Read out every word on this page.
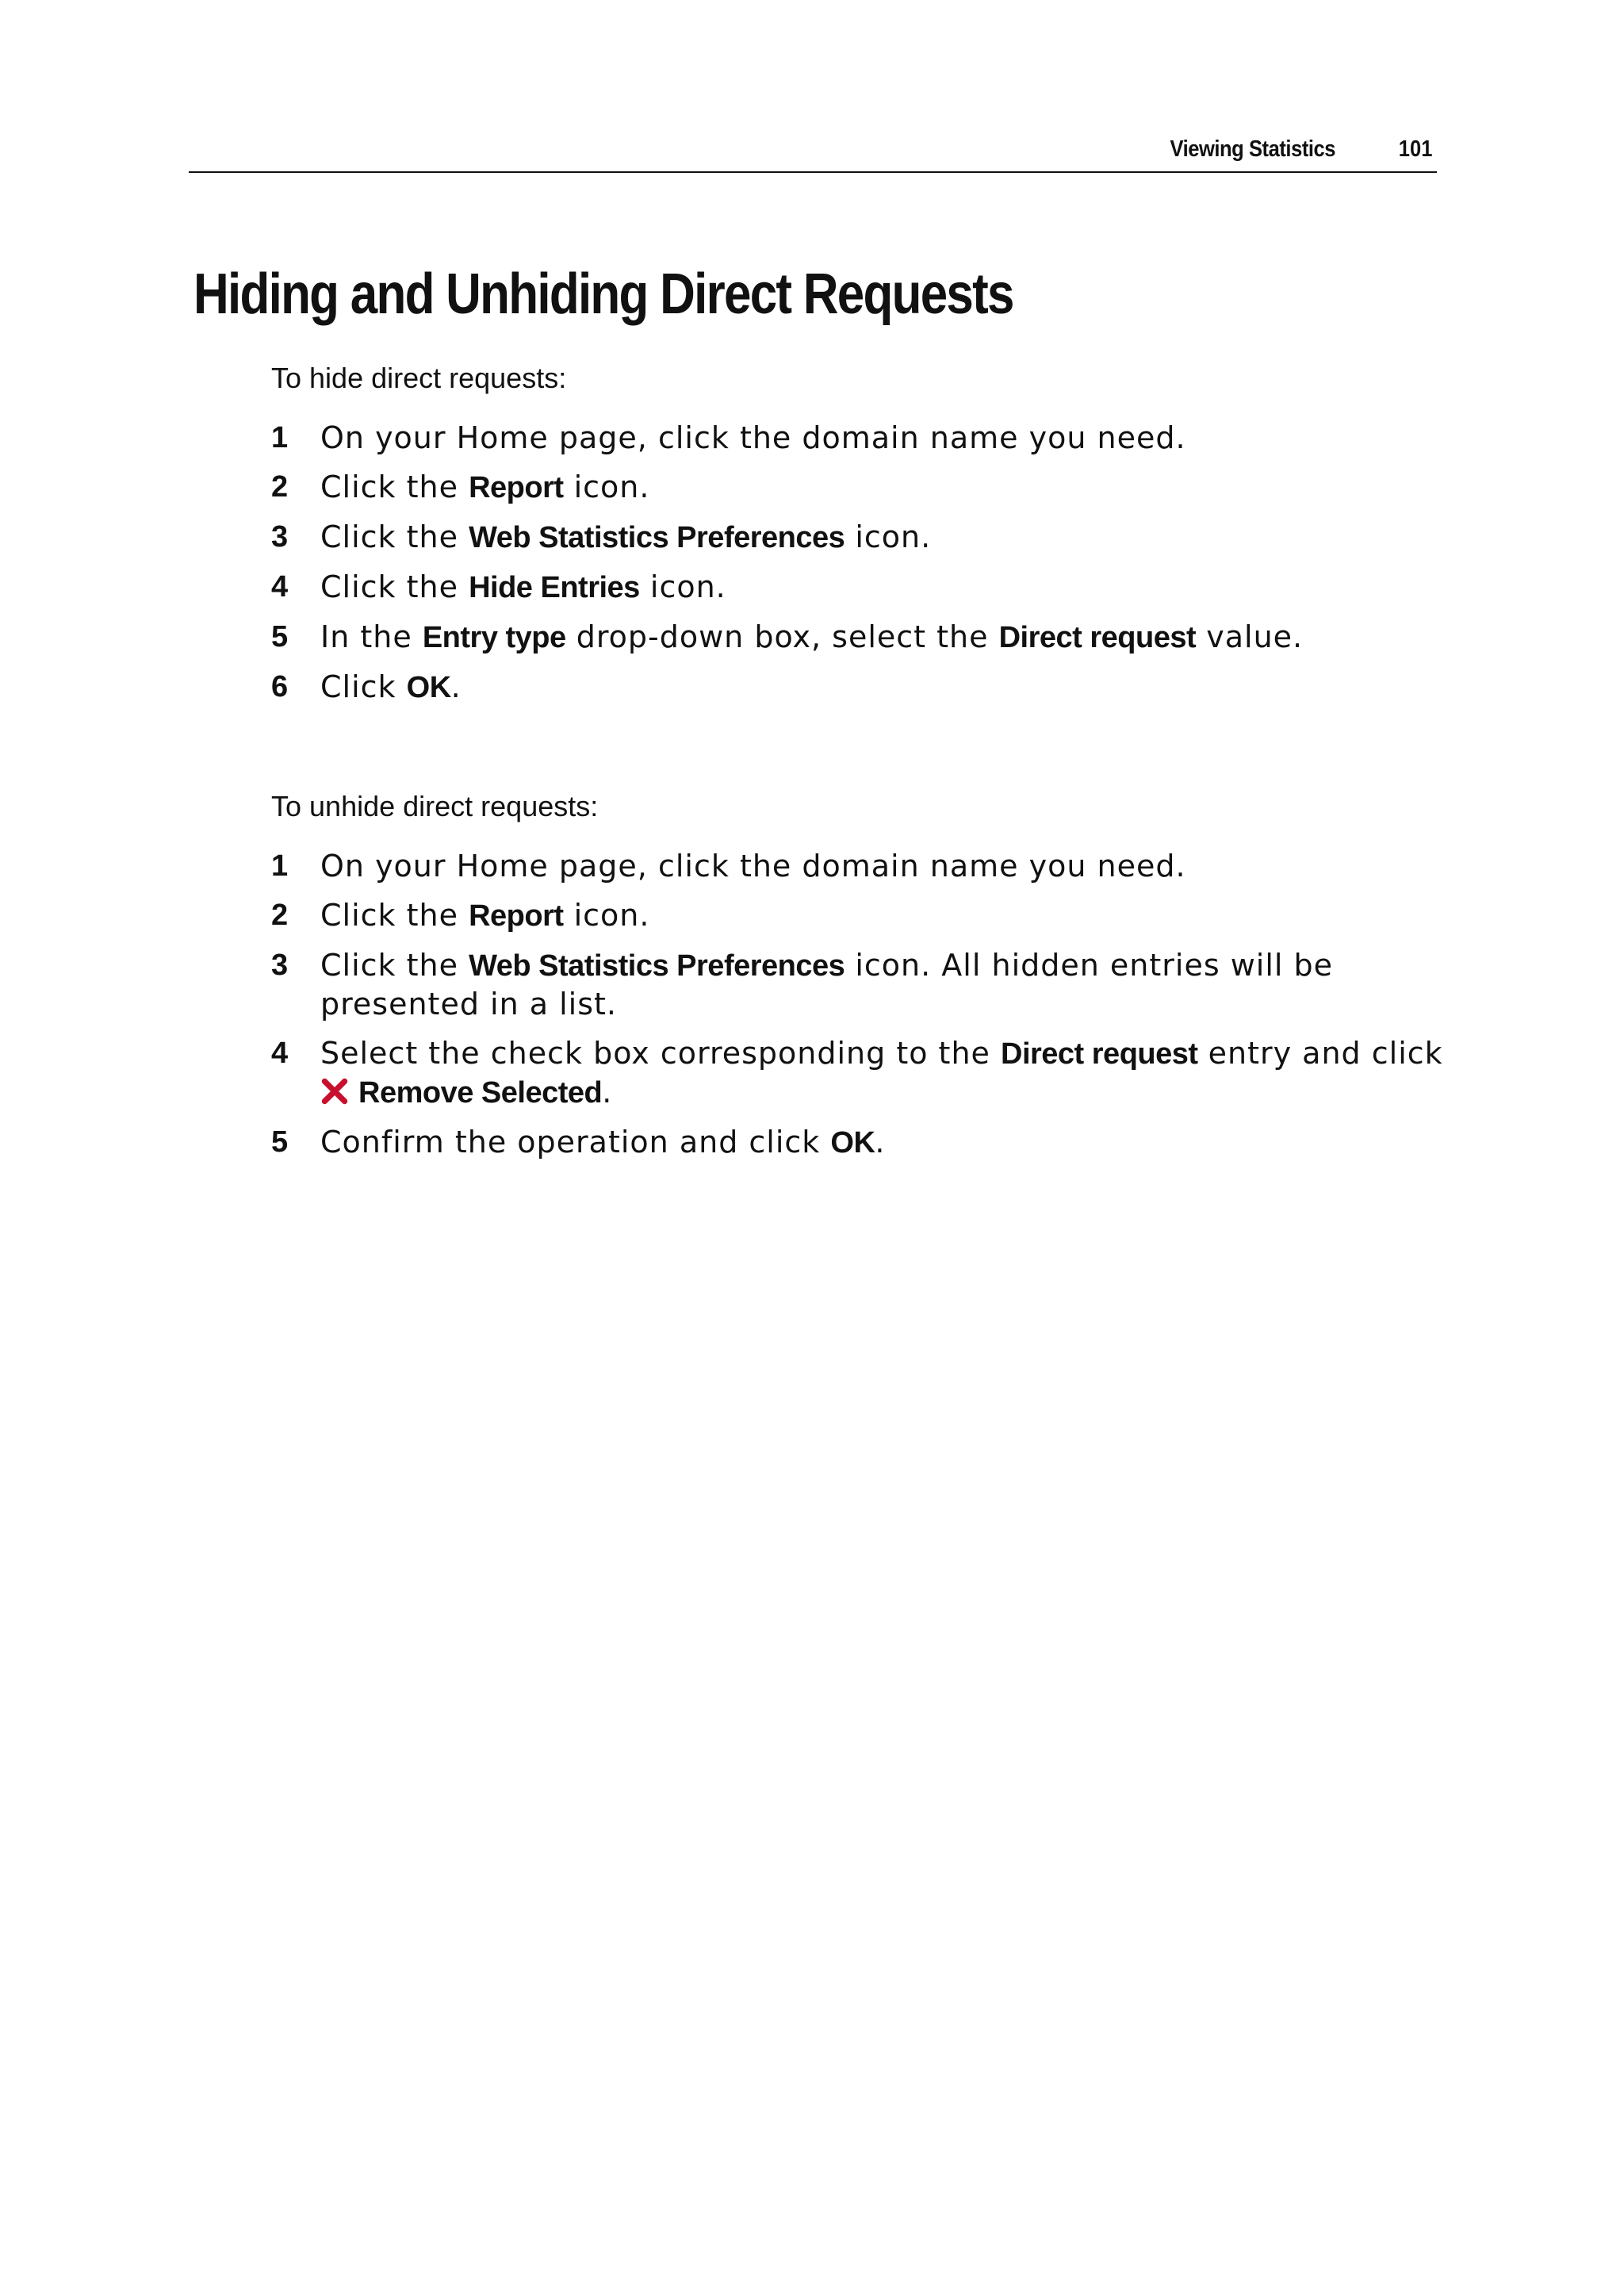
Viewing Statistics	101
Hiding and Unhiding Direct Requests

To hide direct requests:

1 On your Home page, click the domain name you need.
2 Click the Report icon.
3 Click the Web Statistics Preferences icon.
4 Click the Hide Entries icon.
5 In the Entry type drop-down box, select the Direct request value.
6 Click OK.

To unhide direct requests:

1 On your Home page, click the domain name you need.
2 Click the Report icon.
3 Click the Web Statistics Preferences icon. All hidden entries will be presented in a list.
4 Select the check box corresponding to the Direct request entry and click
Remove Selected.
5 Confirm the operation and click OK.
